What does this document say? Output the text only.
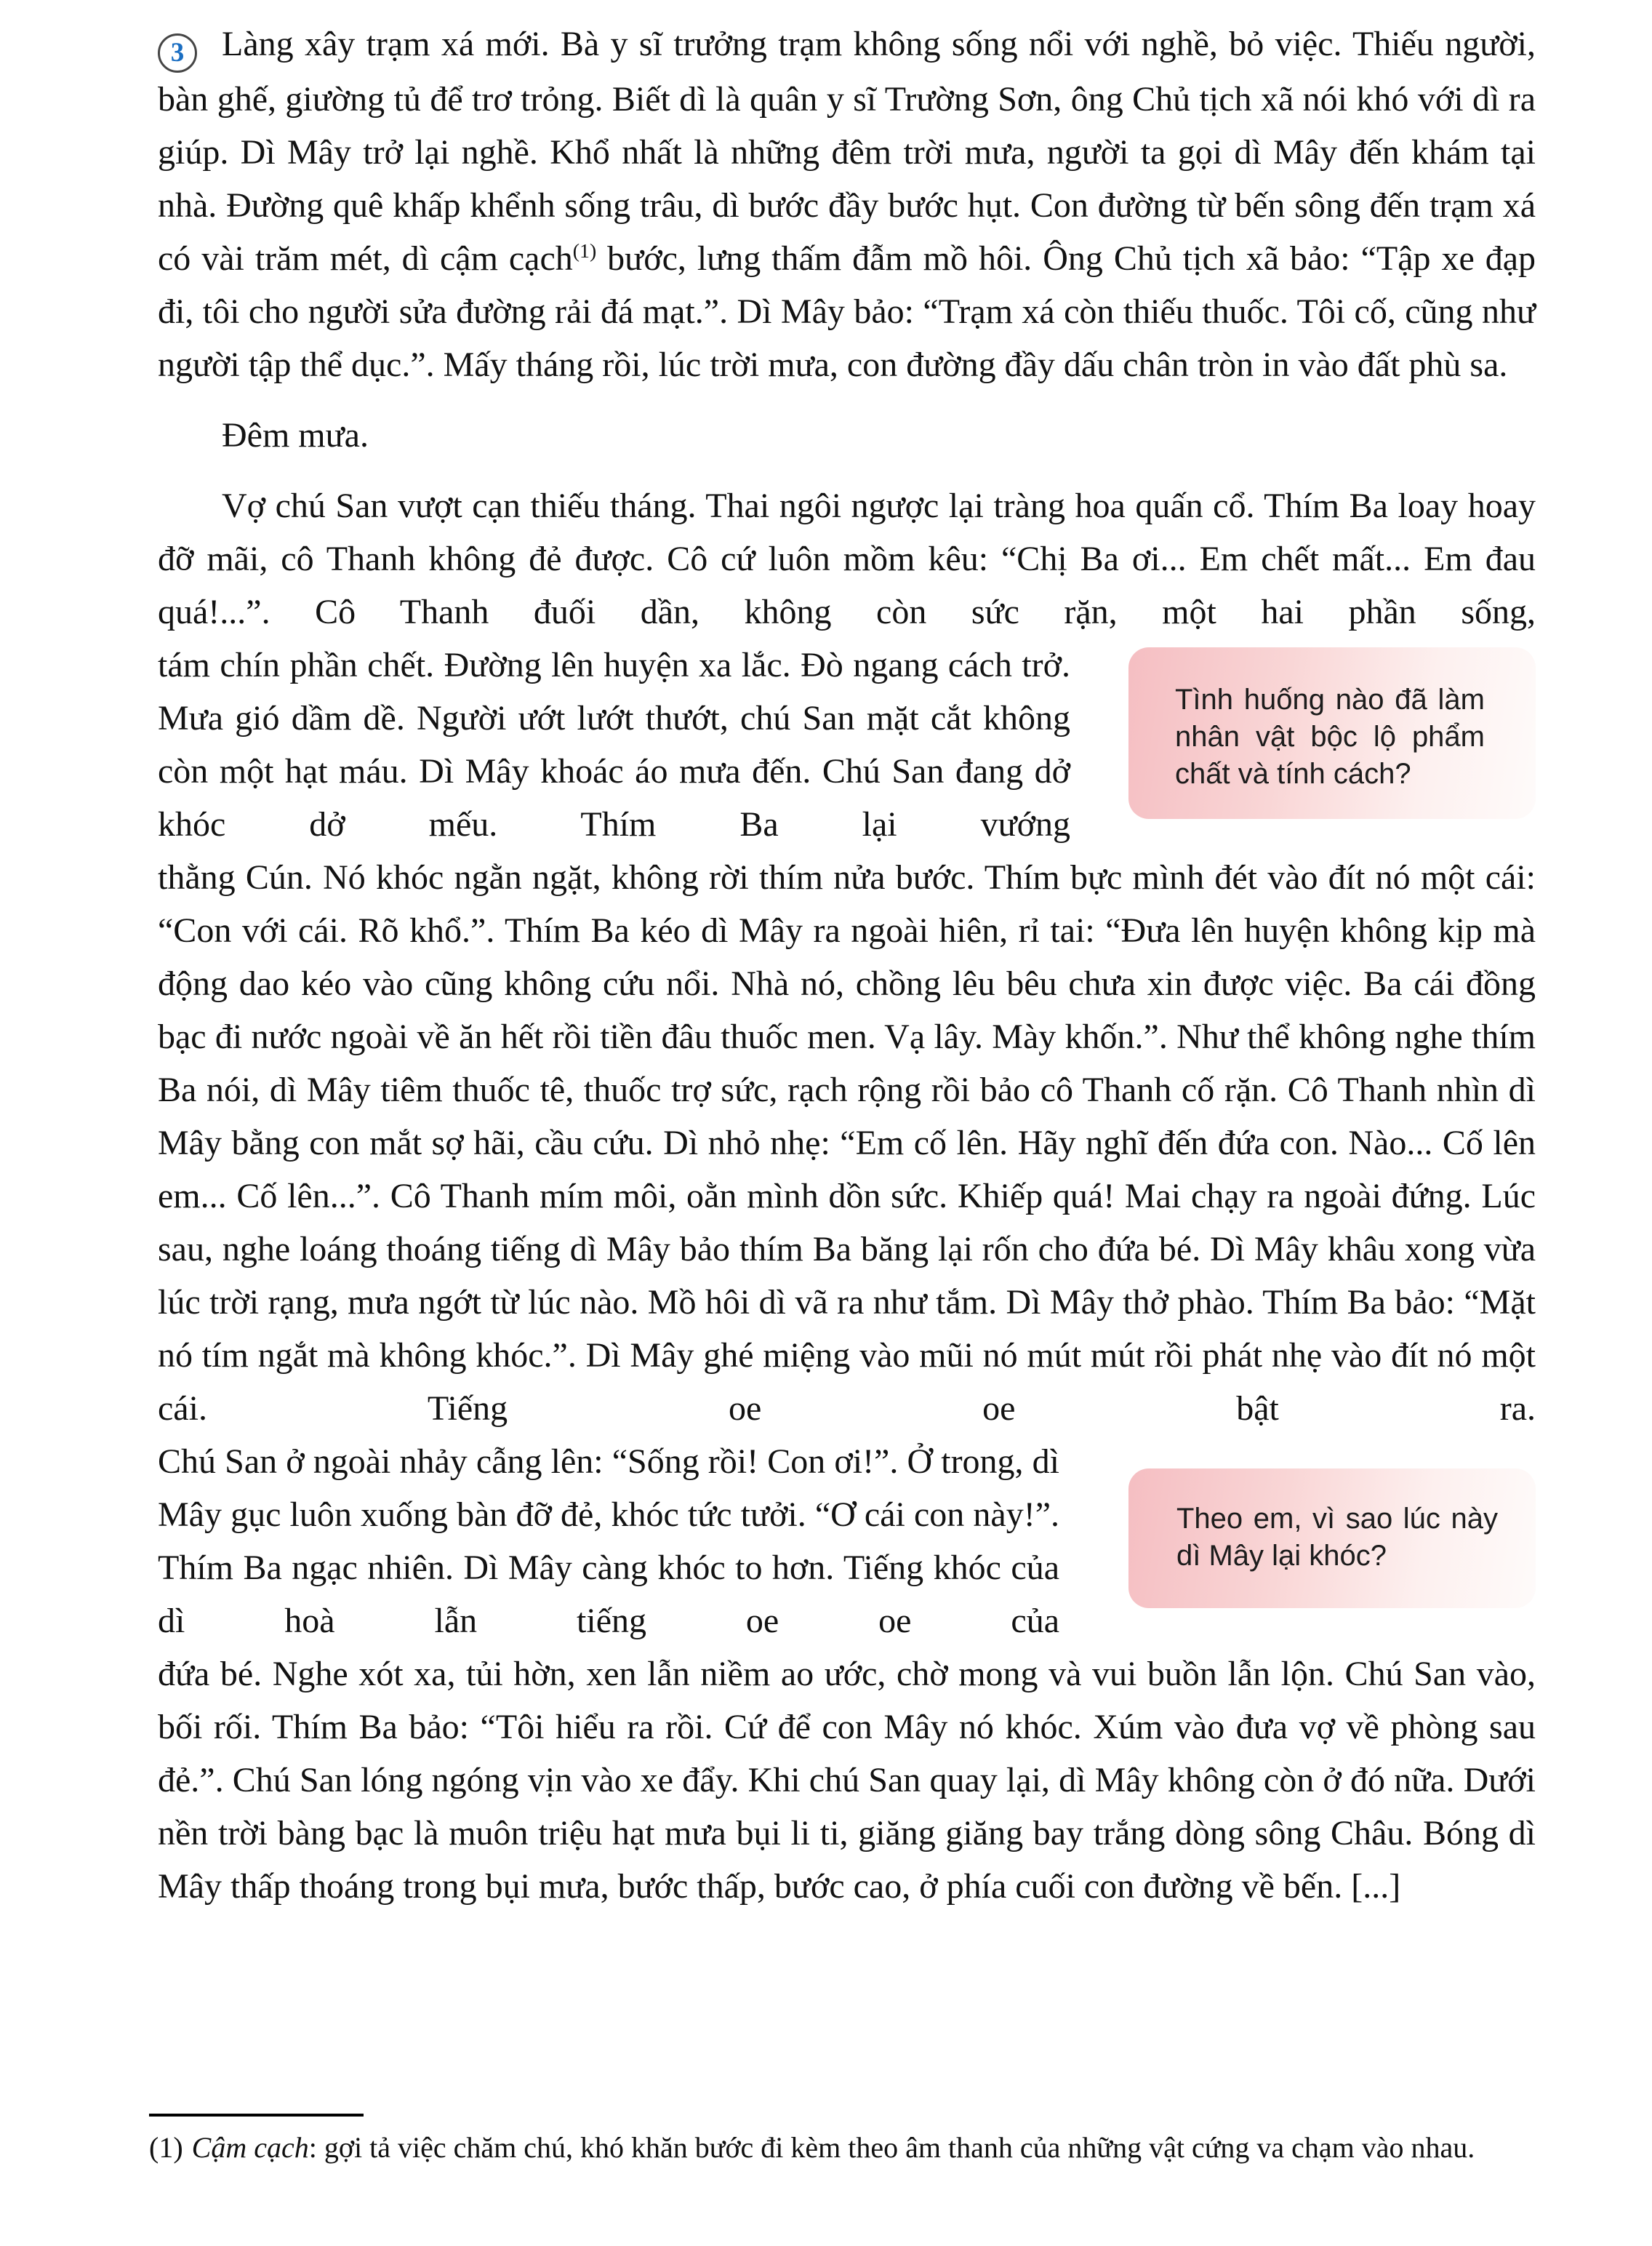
3 Làng xây trạm xá mới. Bà y sĩ trưởng trạm không sống nổi với nghề, bỏ việc. Thiếu người, bàn ghế, giường tủ để trơ trỏng. Biết dì là quân y sĩ Trường Sơn, ông Chủ tịch xã nói khó với dì ra giúp. Dì Mây trở lại nghề. Khổ nhất là những đêm trời mưa, người ta gọi dì Mây đến khám tại nhà. Đường quê khấp khểnh sống trâu, dì bước đầy bước hụt. Con đường từ bến sông đến trạm xá có vài trăm mét, dì cậm cạch$^{(1)}$ bước, lưng thấm đẫm mồ hôi. Ông Chủ tịch xã bảo: “Tập xe đạp đi, tôi cho người sửa đường rải đá mạt.”. Dì Mây bảo: “Trạm xá còn thiếu thuốc. Tôi cố, cũng như người tập thể dục.”. Mấy tháng rồi, lúc trời mưa, con đường đầy dấu chân tròn in vào đất phù sa.

Đêm mưa.

Vợ chú San vượt cạn thiếu tháng. Thai ngôi ngược lại tràng hoa quấn cổ. Thím Ba loay hoay đỡ mãi, cô Thanh không đẻ được. Cô cứ luôn mồm kêu: “Chị Ba ơi... Em chết mất... Em đau quá!...”. Cô Thanh đuối dần, không còn sức rặn, một hai phần sống,

Tình huống nào đã làm nhân vật bộc lộ phẩm chất và tính cách?

tám chín phần chết. Đường lên huyện xa lắc. Đò ngang cách trở. Mưa gió dầm dề. Người ướt lướt thướt, chú San mặt cắt không còn một hạt máu. Dì Mây khoác áo mưa đến. Chú San đang dở khóc dở mếu. Thím Ba lại vướng

thằng Cún. Nó khóc ngằn ngặt, không rời thím nửa bước. Thím bực mình đét vào đít nó một cái: “Con với cái. Rõ khổ.”. Thím Ba kéo dì Mây ra ngoài hiên, rỉ tai: “Đưa lên huyện không kịp mà động dao kéo vào cũng không cứu nổi. Nhà nó, chồng lêu bêu chưa xin được việc. Ba cái đồng bạc đi nước ngoài về ăn hết rồi tiền đâu thuốc men. Vạ lây. Mày khốn.”. Như thể không nghe thím Ba nói, dì Mây tiêm thuốc tê, thuốc trợ sức, rạch rộng rồi bảo cô Thanh cố rặn. Cô Thanh nhìn dì Mây bằng con mắt sợ hãi, cầu cứu. Dì nhỏ nhẹ: “Em cố lên. Hãy nghĩ đến đứa con. Nào... Cố lên em... Cố lên...”. Cô Thanh mím môi, oằn mình dồn sức. Khiếp quá! Mai chạy ra ngoài đứng. Lúc sau, nghe loáng thoáng tiếng dì Mây bảo thím Ba băng lại rốn cho đứa bé. Dì Mây khâu xong vừa lúc trời rạng, mưa ngớt từ lúc nào. Mồ hôi dì vã ra như tắm. Dì Mây thở phào. Thím Ba bảo: “Mặt nó tím ngắt mà không khóc.”. Dì Mây ghé miệng vào mũi nó mút mút rồi phát nhẹ vào đít nó một cái. Tiếng oe oe bật ra.

Theo em, vì sao lúc này dì Mây lại khóc?

Chú San ở ngoài nhảy cẫng lên: “Sống rồi! Con ơi!”. Ở trong, dì Mây gục luôn xuống bàn đỡ đẻ, khóc tức tưởi. “Ơ cái con này!”. Thím Ba ngạc nhiên. Dì Mây càng khóc to hơn. Tiếng khóc của dì hoà lẫn tiếng oe oe của

đứa bé. Nghe xót xa, tủi hờn, xen lẫn niềm ao ước, chờ mong và vui buồn lẫn lộn. Chú San vào, bối rối. Thím Ba bảo: “Tôi hiểu ra rồi. Cứ để con Mây nó khóc. Xúm vào đưa vợ về phòng sau đẻ.”. Chú San lóng ngóng vịn vào xe đẩy. Khi chú San quay lại, dì Mây không còn ở đó nữa. Dưới nền trời bàng bạc là muôn triệu hạt mưa bụi li ti, giăng giăng bay trắng dòng sông Châu. Bóng dì Mây thấp thoáng trong bụi mưa, bước thấp, bước cao, ở phía cuối con đường về bến. [...]

(1) Cậm cạch: gợi tả việc chăm chú, khó khăn bước đi kèm theo âm thanh của những vật cứng va chạm vào nhau.
